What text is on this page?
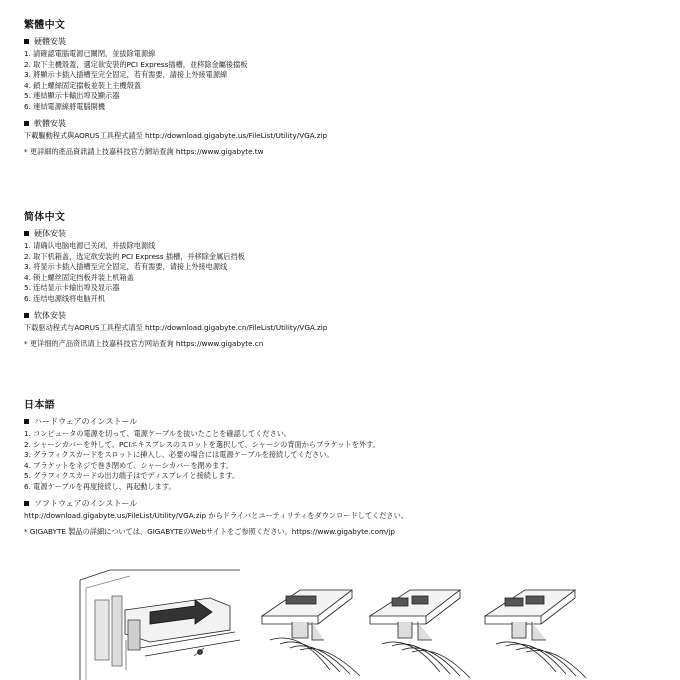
繁體中文
硬體安裝
1. 請確認電腦電源已關閉，並拔除電源線
2. 取下主機殼蓋，選定欲安裝的PCI Express插槽，並移除金屬後擋板
3. 將顯示卡插入插槽至完全固定，若有需要，請接上外接電源線
4. 鎖上螺絲固定擋板並裝上主機殼蓋
5. 連結顯示卡輸出埠及顯示器
6. 連結電源線將電腦開機
軟體安裝
下載驅動程式與AORUS工具程式請至 http://download.gigabyte.us/FileList/Utility/VGA.zip
* 更詳細的產品資訊請上技嘉科技官方網站查詢 https://www.gigabyte.tw
简体中文
硬体安装
1. 请确认电脑电源已关闭，并拔除电源线
2. 取下机箱盖，选定欲安装的 PCI Express 插槽，并移除金属后挡板
3. 将显示卡插入插槽至完全固定，若有需要，请接上外接电源线
4. 锁上螺丝固定挡板并装上机箱盖
5. 连结显示卡输出埠及显示器
6. 连结电源线将电脑开机
软体安装
下载驱动程式与AORUS工具程式请至 http://download.gigabyte.cn/FileList/Utility/VGA.zip
* 更详细的产品资讯请上技嘉科技官方网站查询 https://www.gigabyte.cn
日本語
ハードウェアのインストール
1. コンピュータの電源を切って、電源ケーブルを抜いたことを確認してください。
2. シャーシカバーを外して、PCIエキスプレスのスロットを選択して、シャーシの背面からブラケットを外す。
3. グラフィクスカードをスロットに挿入し、必要の場合には電源ケーブルを接続してください。
4. ブラケットをネジで巻き閉めて、シャーシカバーを閉めます。
5. グラフィクスカードの出力端子はでディスプレイと接続します。
6. 電源ケーブルを再度接続し、再起動します。
ソフトウェアのインストール
http://download.gigabyte.us/FileList/Utility/VGA.zip からドライバとユーティリティをダウンロードしてください。
* GIGABYTE 製品の詳細については、GIGABYTEのWebサイトをご参照ください。https://www.gigabyte.com/jp
